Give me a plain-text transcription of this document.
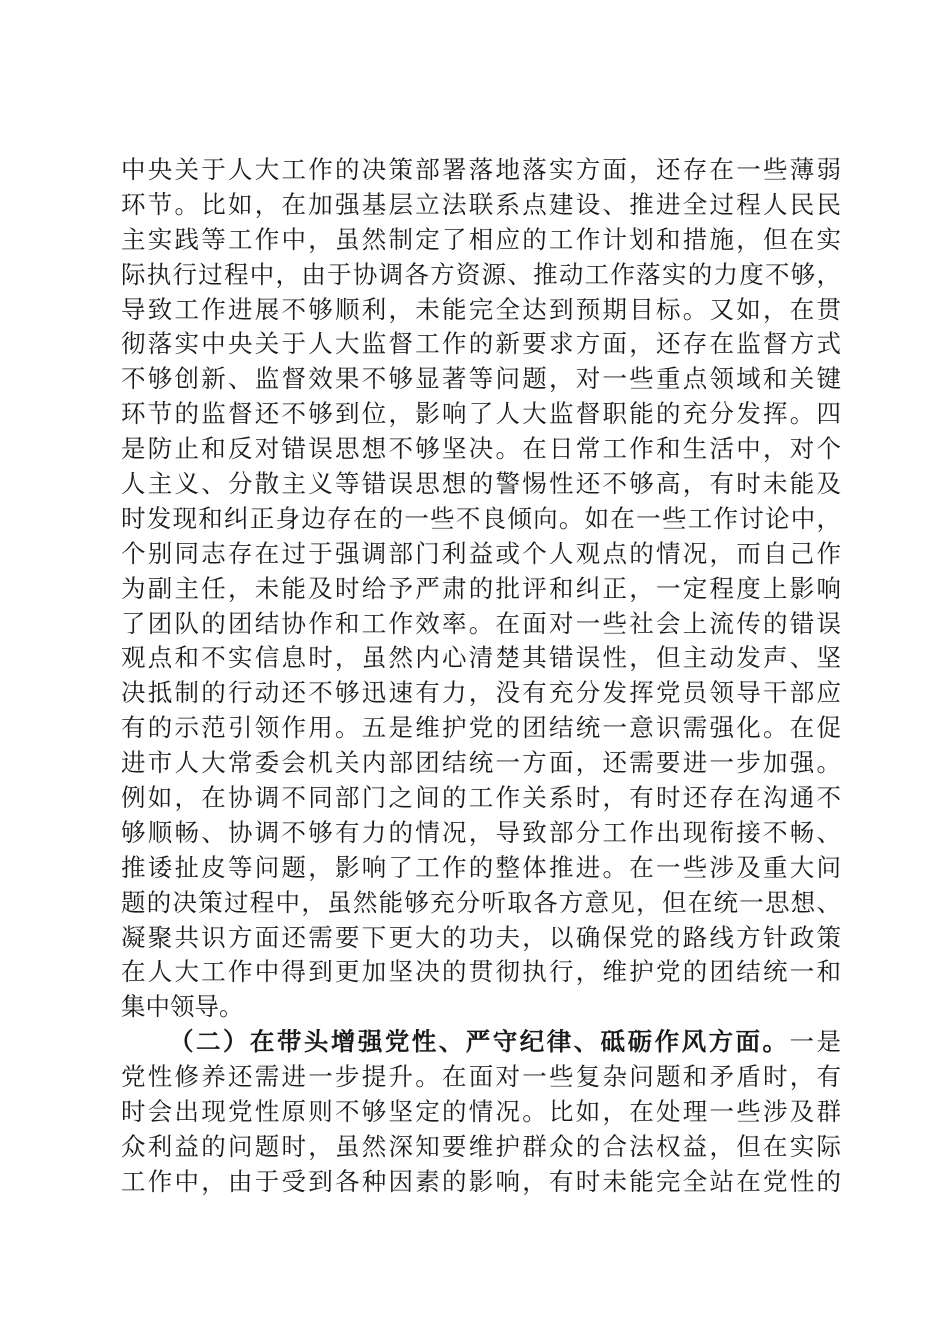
中央关于人大工作的决策部署落地落实方面，还存在一些薄弱
环节。比如，在加强基层立法联系点建设、推进全过程人民民
主实践等工作中，虽然制定了相应的工作计划和措施，但在实
际执行过程中，由于协调各方资源、推动工作落实的力度不够，
导致工作进展不够顺利，未能完全达到预期目标。又如，在贯
彻落实中央关于人大监督工作的新要求方面，还存在监督方式
不够创新、监督效果不够显著等问题，对一些重点领域和关键
环节的监督还不够到位，影响了人大监督职能的充分发挥。四
是防止和反对错误思想不够坚决。在日常工作和生活中，对个
人主义、分散主义等错误思想的警惕性还不够高，有时未能及
时发现和纠正身边存在的一些不良倾向。如在一些工作讨论中，
个别同志存在过于强调部门利益或个人观点的情况，而自己作
为副主任，未能及时给予严肃的批评和纠正，一定程度上影响
了团队的团结协作和工作效率。在面对一些社会上流传的错误
观点和不实信息时，虽然内心清楚其错误性，但主动发声、坚
决抵制的行动还不够迅速有力，没有充分发挥党员领导干部应
有的示范引领作用。五是维护党的团结统一意识需强化。在促
进市人大常委会机关内部团结统一方面，还需要进一步加强。
例如，在协调不同部门之间的工作关系时，有时还存在沟通不
够顺畅、协调不够有力的情况，导致部分工作出现衔接不畅、
推诿扯皮等问题，影响了工作的整体推进。在一些涉及重大问
题的决策过程中，虽然能够充分听取各方意见，但在统一思想、
凝聚共识方面还需要下更大的功夫，以确保党的路线方针政策
在人大工作中得到更加坚决的贯彻执行，维护党的团结统一和
集中领导。
（二）在带头增强党性、严守纪律、砥砺作风方面。一是
党性修养还需进一步提升。在面对一些复杂问题和矛盾时，有
时会出现党性原则不够坚定的情况。比如，在处理一些涉及群
众利益的问题时，虽然深知要维护群众的合法权益，但在实际
工作中，由于受到各种因素的影响，有时未能完全站在党性的
